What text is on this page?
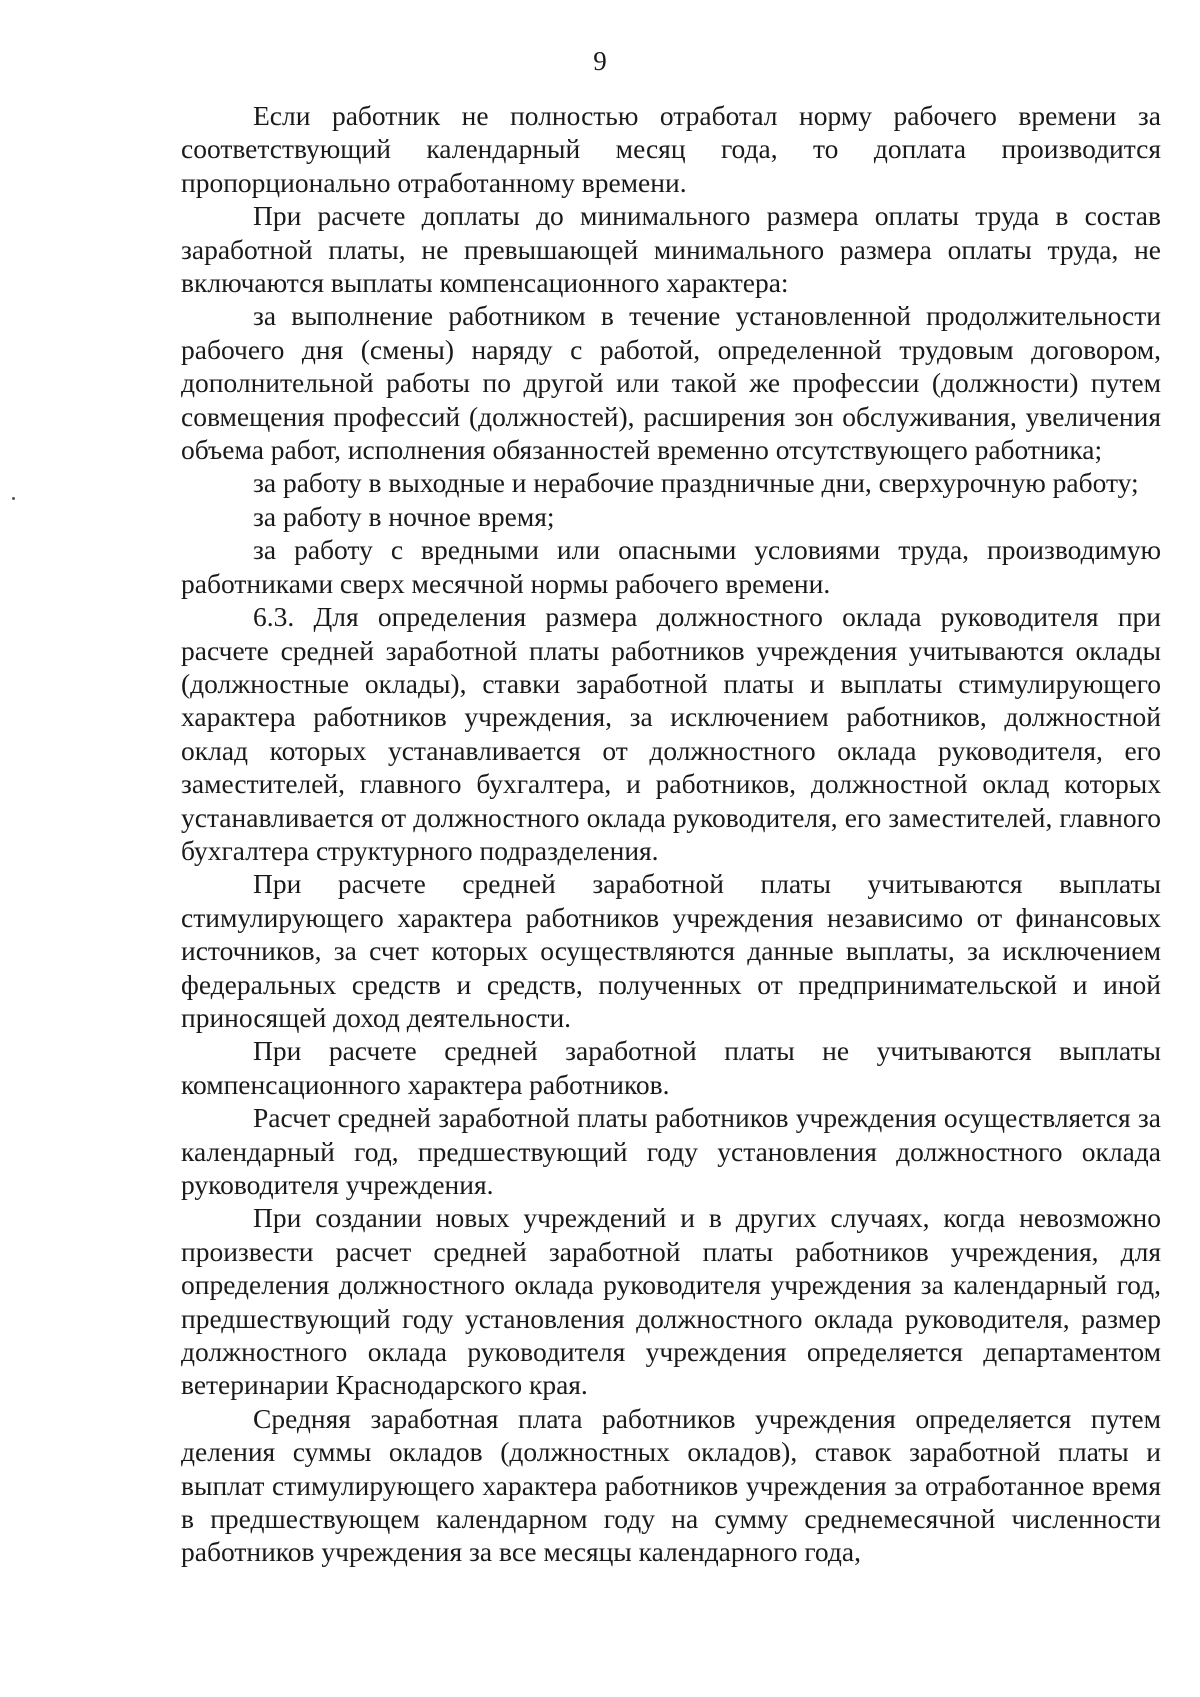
9

Если работник не полностью отработал норму рабочего времени за соответствующий календарный месяц года, то доплата производится пропорционально отработанному времени.

При расчете доплаты до минимального размера оплаты труда в состав заработной платы, не превышающей минимального размера оплаты труда, не включаются выплаты компенсационного характера:

за выполнение работником в течение установленной продолжительности рабочего дня (смены) наряду с работой, определенной трудовым договором, дополнительной работы по другой или такой же профессии (должности) путем совмещения профессий (должностей), расширения зон обслуживания, увеличения объема работ, исполнения обязанностей временно отсутствующего работника;

за работу в выходные и нерабочие праздничные дни, сверхурочную работу;

за работу в ночное время;

за работу с вредными или опасными условиями труда, производимую работниками сверх месячной нормы рабочего времени.

6.3. Для определения размера должностного оклада руководителя при расчете средней заработной платы работников учреждения учитываются оклады (должностные оклады), ставки заработной платы и выплаты стимулирующего характера работников учреждения, за исключением работников, должностной оклад которых устанавливается от должностного оклада руководителя, его заместителей, главного бухгалтера, и работников, должностной оклад которых устанавливается от должностного оклада руководителя, его заместителей, главного бухгалтера структурного подразделения.

При расчете средней заработной платы учитываются выплаты стимулирующего характера работников учреждения независимо от финансовых источников, за счет которых осуществляются данные выплаты, за исключением федеральных средств и средств, полученных от предпринимательской и иной приносящей доход деятельности.

При расчете средней заработной платы не учитываются выплаты компенсационного характера работников.

Расчет средней заработной платы работников учреждения осуществляется за календарный год, предшествующий году установления должностного оклада руководителя учреждения.

При создании новых учреждений и в других случаях, когда невозможно произвести расчет средней заработной платы работников учреждения, для определения должностного оклада руководителя учреждения за календарный год, предшествующий году установления должностного оклада руководителя, размер должностного оклада руководителя учреждения определяется департаментом ветеринарии Краснодарского края.

Средняя заработная плата работников учреждения определяется путем деления суммы окладов (должностных окладов), ставок заработной платы и выплат стимулирующего характера работников учреждения за отработанное время в предшествующем календарном году на сумму среднемесячной численности работников учреждения за все месяцы календарного года,
